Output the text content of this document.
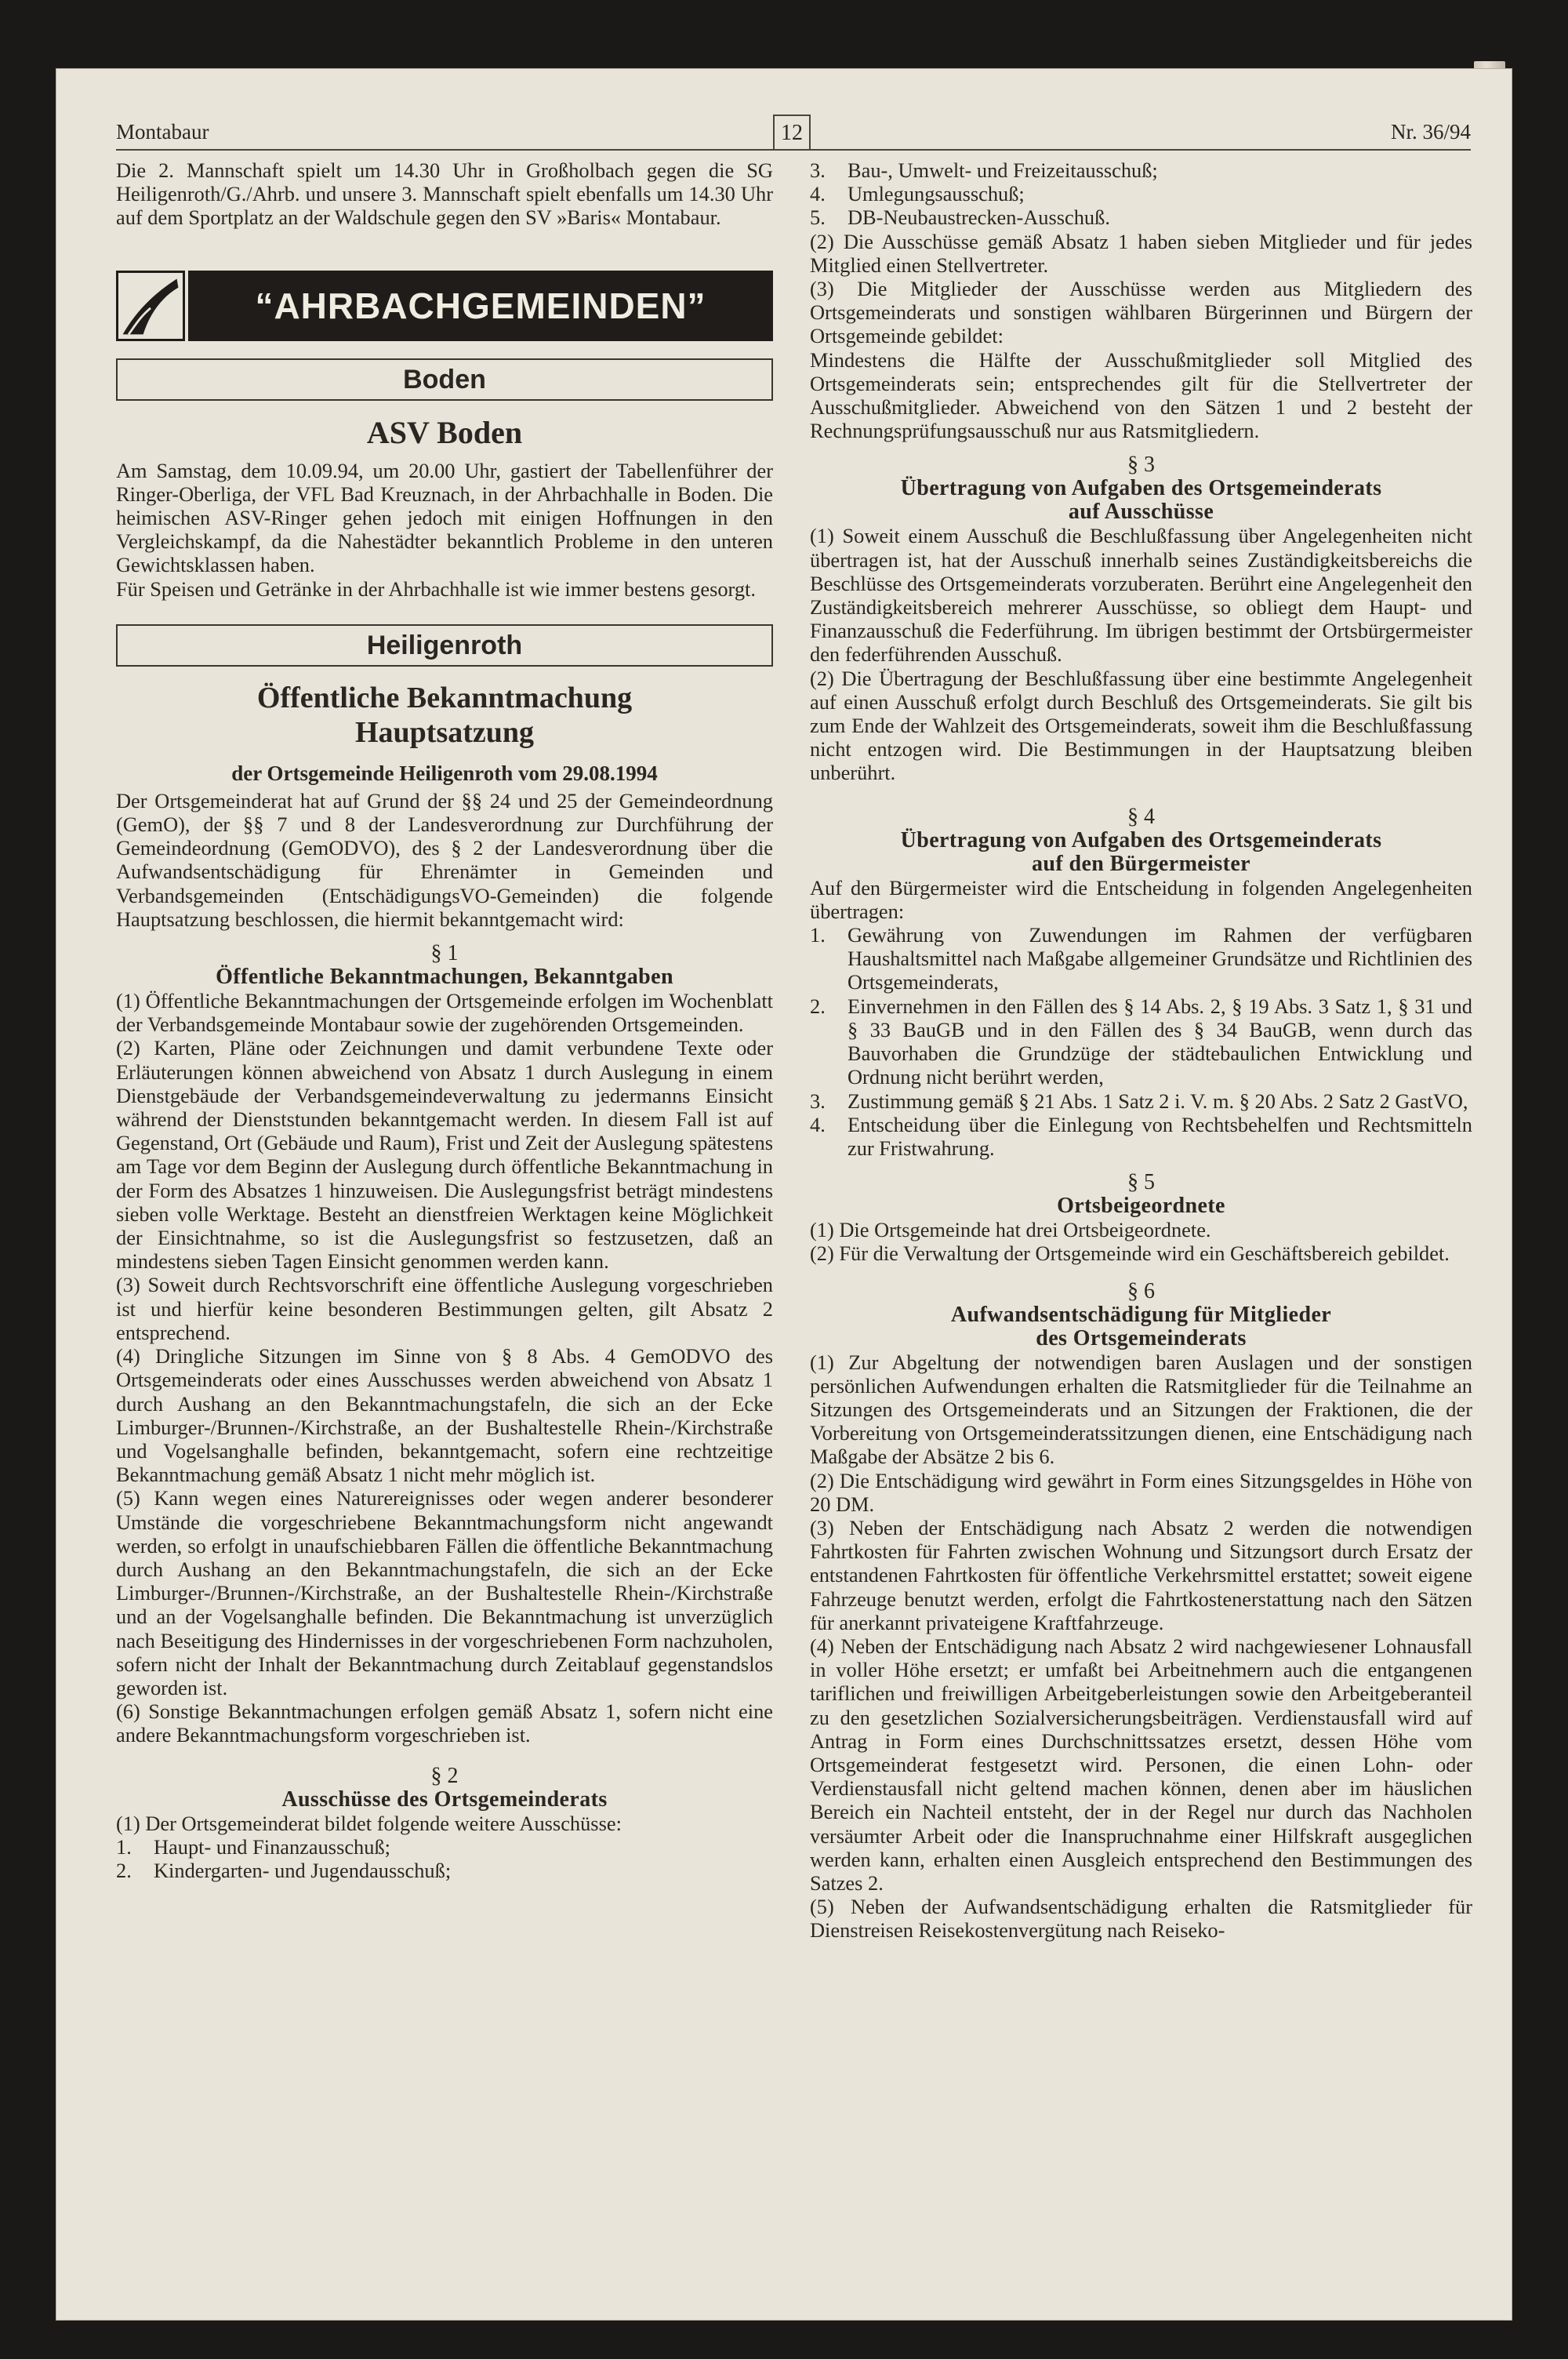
Montabaur	12	Nr. 36/94

Die 2. Mannschaft spielt um 14.30 Uhr in Großholbach gegen die SG Heiligenroth/G./Ahrb. und unsere 3. Mannschaft spielt ebenfalls um 14.30 Uhr auf dem Sportplatz an der Waldschule gegen den SV »Baris« Montabaur.

“AHRBACHGEMEINDEN”
Boden
ASV Boden

Am Samstag, dem 10.09.94, um 20.00 Uhr, gastiert der Tabellenführer der Ringer-Oberliga, der VFL Bad Kreuznach, in der Ahrbachhalle in Boden. Die heimischen ASV-Ringer gehen jedoch mit einigen Hoffnungen in den Vergleichskampf, da die Nahestädter bekanntlich Probleme in den unteren Gewichtsklassen haben.

Für Speisen und Getränke in der Ahrbachhalle ist wie immer bestens gesorgt.

Heiligenroth
Öffentliche Bekanntmachung
Hauptsatzung
der Ortsgemeinde Heiligenroth vom 29.08.1994

Der Ortsgemeinderat hat auf Grund der §§ 24 und 25 der Gemeindeordnung (GemO), der §§ 7 und 8 der Landesverordnung zur Durchführung der Gemeindeordnung (GemODVO), des § 2 der Landesverordnung über die Aufwandsentschädigung für Ehrenämter in Gemeinden und Verbandsgemeinden (EntschädigungsVO-Gemeinden) die folgende Hauptsatzung beschlossen, die hiermit bekanntgemacht wird:

§ 1
Öffentliche Bekanntmachungen, Bekanntgaben

(1) Öffentliche Bekanntmachungen der Ortsgemeinde erfolgen im Wochenblatt der Verbandsgemeinde Montabaur sowie der zugehörenden Ortsgemeinden.

(2) Karten, Pläne oder Zeichnungen und damit verbundene Texte oder Erläuterungen können abweichend von Absatz 1 durch Auslegung in einem Dienstgebäude der Verbandsgemeindeverwaltung zu jedermanns Einsicht während der Dienststunden bekanntgemacht werden. In diesem Fall ist auf Gegenstand, Ort (Gebäude und Raum), Frist und Zeit der Auslegung spätestens am Tage vor dem Beginn der Auslegung durch öffentliche Bekanntmachung in der Form des Absatzes 1 hinzuweisen. Die Auslegungsfrist beträgt mindestens sieben volle Werktage. Besteht an dienstfreien Werktagen keine Möglichkeit der Einsichtnahme, so ist die Auslegungsfrist so festzusetzen, daß an mindestens sieben Tagen Einsicht genommen werden kann.

(3) Soweit durch Rechtsvorschrift eine öffentliche Auslegung vorgeschrieben ist und hierfür keine besonderen Bestimmungen gelten, gilt Absatz 2 entsprechend.

(4) Dringliche Sitzungen im Sinne von § 8 Abs. 4 GemODVO des Ortsgemeinderats oder eines Ausschusses werden abweichend von Absatz 1 durch Aushang an den Bekanntmachungstafeln, die sich an der Ecke Limburger-/Brunnen-/Kirchstraße, an der Bushaltestelle Rhein-/Kirchstraße und Vogelsanghalle befinden, bekanntgemacht, sofern eine rechtzeitige Bekanntmachung gemäß Absatz 1 nicht mehr möglich ist.

(5) Kann wegen eines Naturereignisses oder wegen anderer besonderer Umstände die vorgeschriebene Bekanntmachungsform nicht angewandt werden, so erfolgt in unaufschiebbaren Fällen die öffentliche Bekanntmachung durch Aushang an den Bekanntmachungstafeln, die sich an der Ecke Limburger-/Brunnen-/Kirchstraße, an der Bushaltestelle Rhein-/Kirchstraße und an der Vogelsanghalle befinden. Die Bekanntmachung ist unverzüglich nach Beseitigung des Hindernisses in der vorgeschriebenen Form nachzuholen, sofern nicht der Inhalt der Bekanntmachung durch Zeitablauf gegenstandslos geworden ist.

(6) Sonstige Bekanntmachungen erfolgen gemäß Absatz 1, sofern nicht eine andere Bekanntmachungsform vorgeschrieben ist.

§ 2
Ausschüsse des Ortsgemeinderats

(1) Der Ortsgemeinderat bildet folgende weitere Ausschüsse:

1.	Haupt- und Finanzausschuß;
2.	Kindergarten- und Jugendausschuß;
3.	Bau-, Umwelt- und Freizeitausschuß;
4.	Umlegungsausschuß;
5.	DB-Neubaustrecken-Ausschuß.

(2) Die Ausschüsse gemäß Absatz 1 haben sieben Mitglieder und für jedes Mitglied einen Stellvertreter.

(3) Die Mitglieder der Ausschüsse werden aus Mitgliedern des Ortsgemeinderats und sonstigen wählbaren Bürgerinnen und Bürgern der Ortsgemeinde gebildet:

Mindestens die Hälfte der Ausschußmitglieder soll Mitglied des Ortsgemeinderats sein; entsprechendes gilt für die Stellvertreter der Ausschußmitglieder. Abweichend von den Sätzen 1 und 2 besteht der Rechnungsprüfungsausschuß nur aus Ratsmitgliedern.

§ 3
Übertragung von Aufgaben des Ortsgemeinderats
auf Ausschüsse

(1) Soweit einem Ausschuß die Beschlußfassung über Angelegenheiten nicht übertragen ist, hat der Ausschuß innerhalb seines Zuständigkeitsbereichs die Beschlüsse des Ortsgemeinderats vorzuberaten. Berührt eine Angelegenheit den Zuständigkeitsbereich mehrerer Ausschüsse, so obliegt dem Haupt- und Finanzausschuß die Federführung. Im übrigen bestimmt der Ortsbürgermeister den federführenden Ausschuß.

(2) Die Übertragung der Beschlußfassung über eine bestimmte Angelegenheit auf einen Ausschuß erfolgt durch Beschluß des Ortsgemeinderats. Sie gilt bis zum Ende der Wahlzeit des Ortsgemeinderats, soweit ihm die Beschlußfassung nicht entzogen wird. Die Bestimmungen in der Hauptsatzung bleiben unberührt.

§ 4
Übertragung von Aufgaben des Ortsgemeinderats
auf den Bürgermeister

Auf den Bürgermeister wird die Entscheidung in folgenden Angelegenheiten übertragen:

1.	Gewährung von Zuwendungen im Rahmen der verfügbaren Haushaltsmittel nach Maßgabe allgemeiner Grundsätze und Richtlinien des Ortsgemeinderats,
2.	Einvernehmen in den Fällen des § 14 Abs. 2, § 19 Abs. 3 Satz 1, § 31 und § 33 BauGB und in den Fällen des § 34 BauGB, wenn durch das Bauvorhaben die Grundzüge der städtebaulichen Entwicklung und Ordnung nicht berührt werden,
3.	Zustimmung gemäß § 21 Abs. 1 Satz 2 i. V. m. § 20 Abs. 2 Satz 2 GastVO,
4.	Entscheidung über die Einlegung von Rechtsbehelfen und Rechtsmitteln zur Fristwahrung.
§ 5
Ortsbeigeordnete

(1) Die Ortsgemeinde hat drei Ortsbeigeordnete.

(2) Für die Verwaltung der Ortsgemeinde wird ein Geschäftsbereich gebildet.

§ 6
Aufwandsentschädigung für Mitglieder
des Ortsgemeinderats

(1) Zur Abgeltung der notwendigen baren Auslagen und der sonstigen persönlichen Aufwendungen erhalten die Ratsmitglieder für die Teilnahme an Sitzungen des Ortsgemeinderats und an Sitzungen der Fraktionen, die der Vorbereitung von Ortsgemeinderatssitzungen dienen, eine Entschädigung nach Maßgabe der Absätze 2 bis 6.

(2) Die Entschädigung wird gewährt in Form eines Sitzungsgeldes in Höhe von 20 DM.

(3) Neben der Entschädigung nach Absatz 2 werden die notwendigen Fahrtkosten für Fahrten zwischen Wohnung und Sitzungsort durch Ersatz der entstandenen Fahrtkosten für öffentliche Verkehrsmittel erstattet; soweit eigene Fahrzeuge benutzt werden, erfolgt die Fahrtkostenerstattung nach den Sätzen für anerkannt privateigene Kraftfahrzeuge.

(4) Neben der Entschädigung nach Absatz 2 wird nachgewiesener Lohnausfall in voller Höhe ersetzt; er umfaßt bei Arbeitnehmern auch die entgangenen tariflichen und freiwilligen Arbeitgeberleistungen sowie den Arbeitgeberanteil zu den gesetzlichen Sozialversicherungsbeiträgen. Verdienstausfall wird auf Antrag in Form eines Durchschnittssatzes ersetzt, dessen Höhe vom Ortsgemeinderat festgesetzt wird. Personen, die einen Lohn- oder Verdienstausfall nicht geltend machen können, denen aber im häuslichen Bereich ein Nachteil entsteht, der in der Regel nur durch das Nachholen versäumter Arbeit oder die Inanspruchnahme einer Hilfskraft ausgeglichen werden kann, erhalten einen Ausgleich entsprechend den Bestimmungen des Satzes 2.

(5) Neben der Aufwandsentschädigung erhalten die Ratsmitglieder für Dienstreisen Reisekostenvergütung nach Reiseko-
